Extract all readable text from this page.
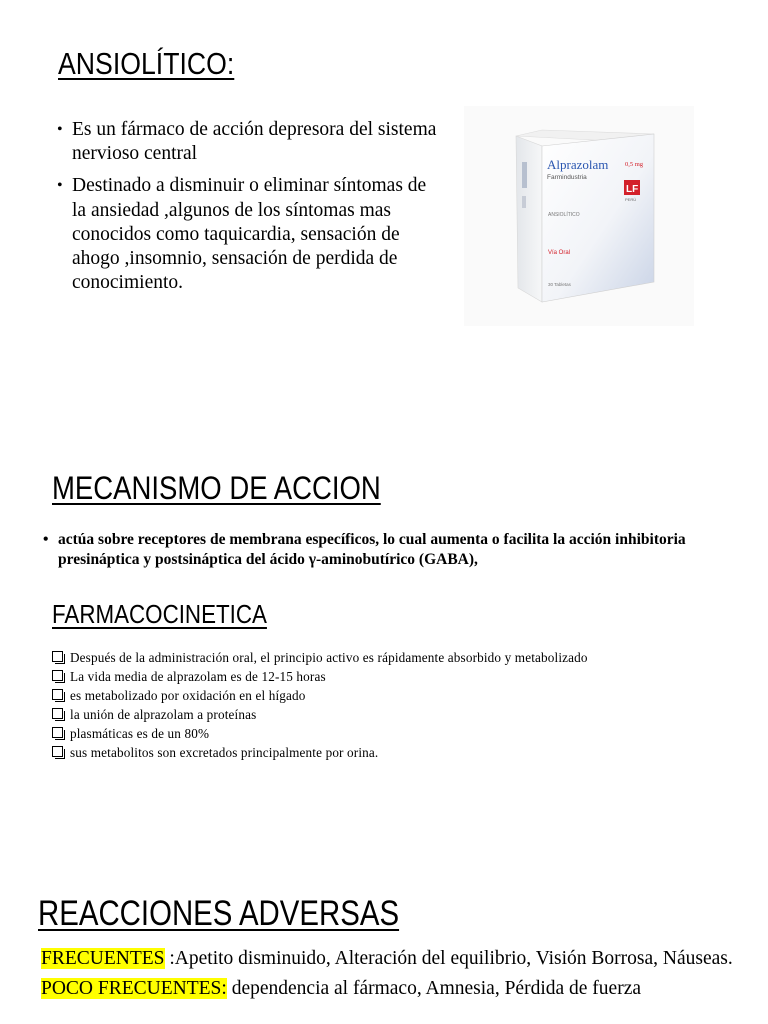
ANSIOLÍTICO:
• Es un fármaco de acción depresora del sistema nervioso central
• Destinado a disminuir o eliminar síntomas de la ansiedad ,algunos de los síntomas mas conocidos como taquicardia, sensación de ahogo ,insomnio, sensación de perdida de conocimiento.
Alprazolam	0,5 mg
Farmindustria
LF
PERÚ
ANSIOLÍTICO
Vía Oral
30 Tabletas
MECANISMO DE ACCION
• actúa sobre receptores de membrana específicos, lo cual aumenta o facilita la acción inhibitoria presináptica y postsináptica del ácido γ-aminobutírico (GABA),
FARMACOCINETICA
Después de la administración oral, el principio activo es rápidamente absorbido y metabolizado
La vida media de alprazolam es de 12-15 horas
es metabolizado por oxidación en el hígado
la unión de alprazolam a proteínas
plasmáticas es de un 80%
sus metabolitos son excretados principalmente por orina.
REACCIONES ADVERSAS
FRECUENTES :Apetito disminuido, Alteración del equilibrio, Visión Borrosa, Náuseas.
POCO FRECUENTES: dependencia al fármaco, Amnesia, Pérdida de fuerza
